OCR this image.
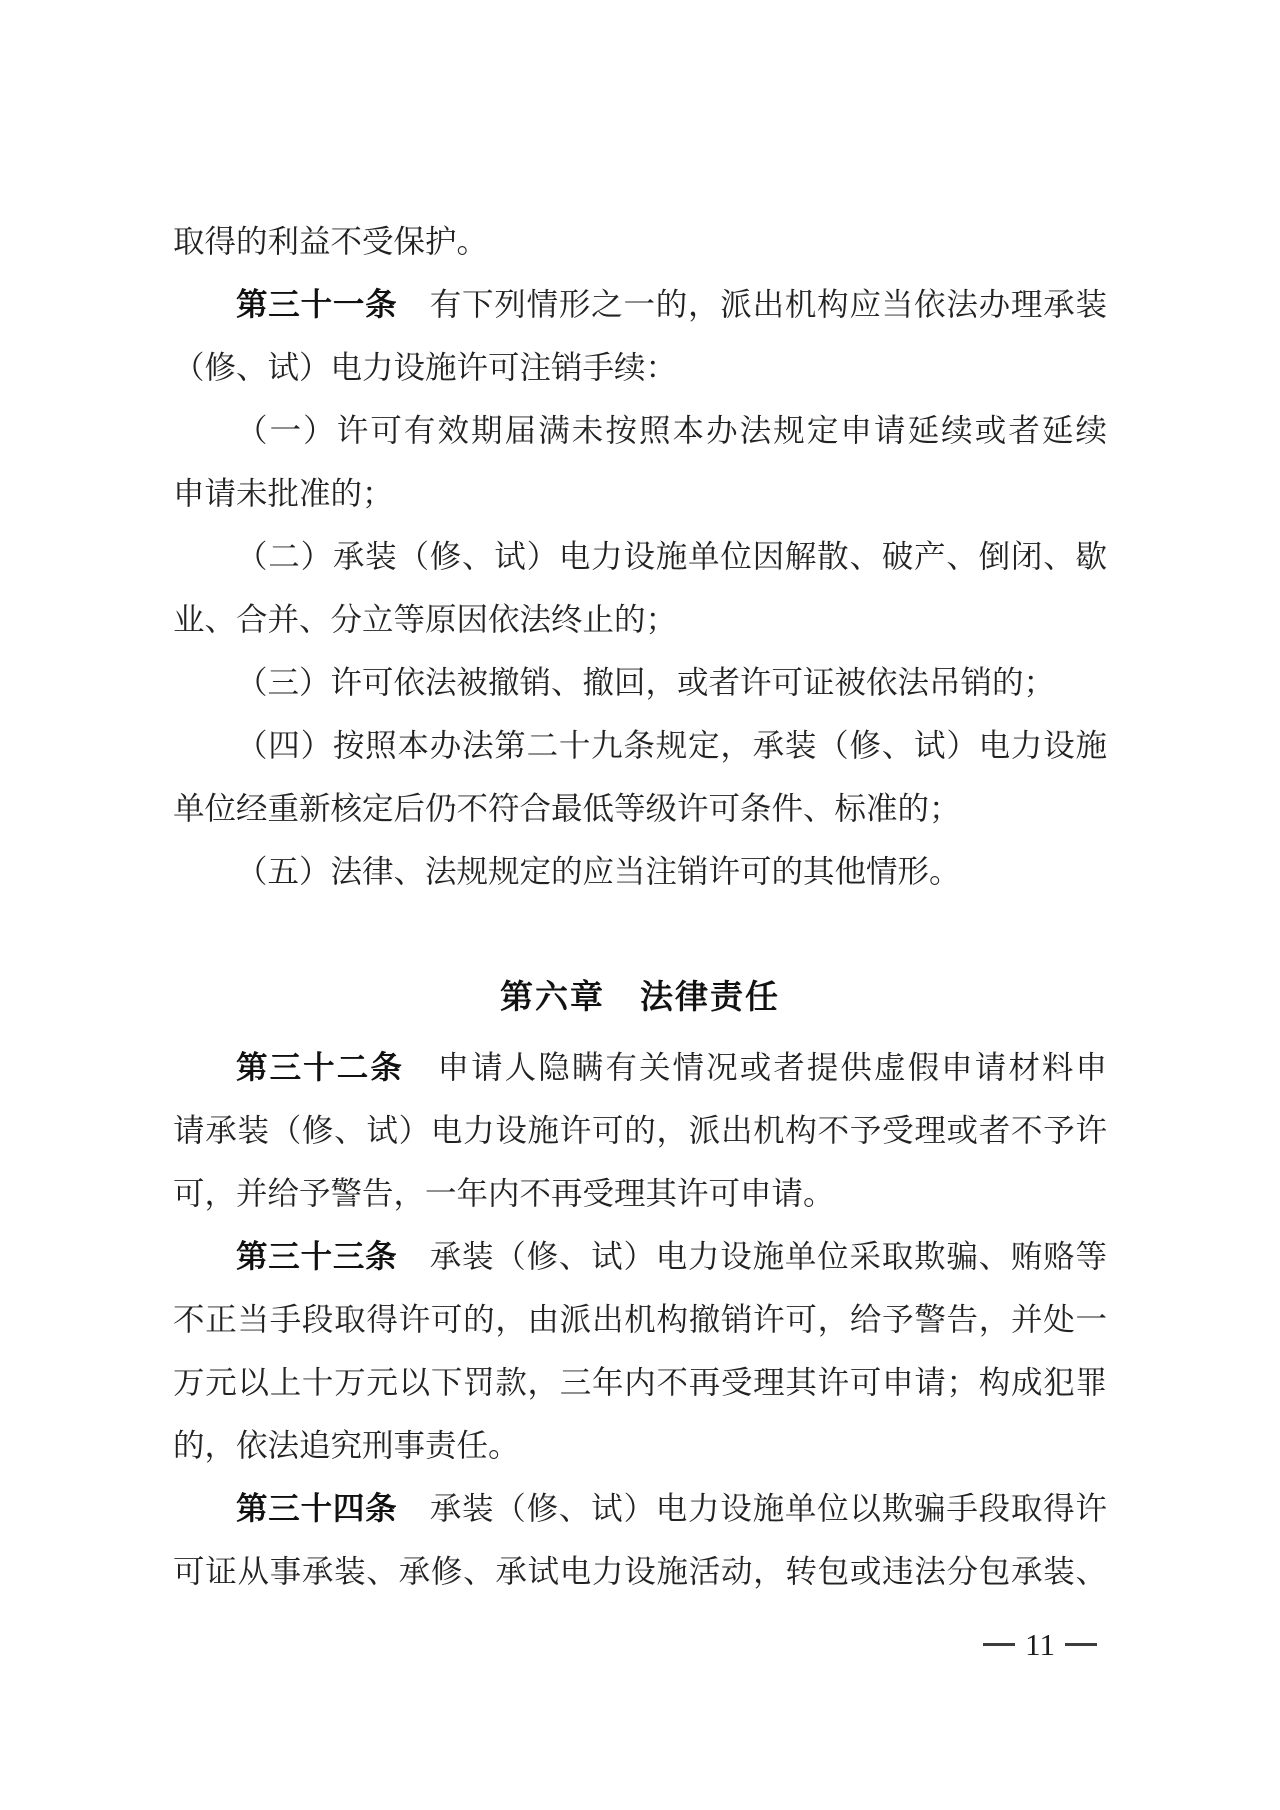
取得的利益不受保护。
第三十一条　有下列情形之一的，派出机构应当依法办理承装
（修、试）电力设施许可注销手续：
（一）许可有效期届满未按照本办法规定申请延续或者延续
申请未批准的；
（二）承装（修、试）电力设施单位因解散、破产、倒闭、歇
业、合并、分立等原因依法终止的；
（三）许可依法被撤销、撤回，或者许可证被依法吊销的；
（四）按照本办法第二十九条规定，承装（修、试）电力设施
单位经重新核定后仍不符合最低等级许可条件、标准的；
（五）法律、法规规定的应当注销许可的其他情形。
第六章　法律责任
第三十二条　申请人隐瞒有关情况或者提供虚假申请材料申
请承装（修、试）电力设施许可的，派出机构不予受理或者不予许
可，并给予警告，一年内不再受理其许可申请。
第三十三条　承装（修、试）电力设施单位采取欺骗、贿赂等
不正当手段取得许可的，由派出机构撤销许可，给予警告，并处一
万元以上十万元以下罚款，三年内不再受理其许可申请；构成犯罪
的，依法追究刑事责任。
第三十四条　承装（修、试）电力设施单位以欺骗手段取得许
可证从事承装、承修、承试电力设施活动，转包或违法分包承装、
11
